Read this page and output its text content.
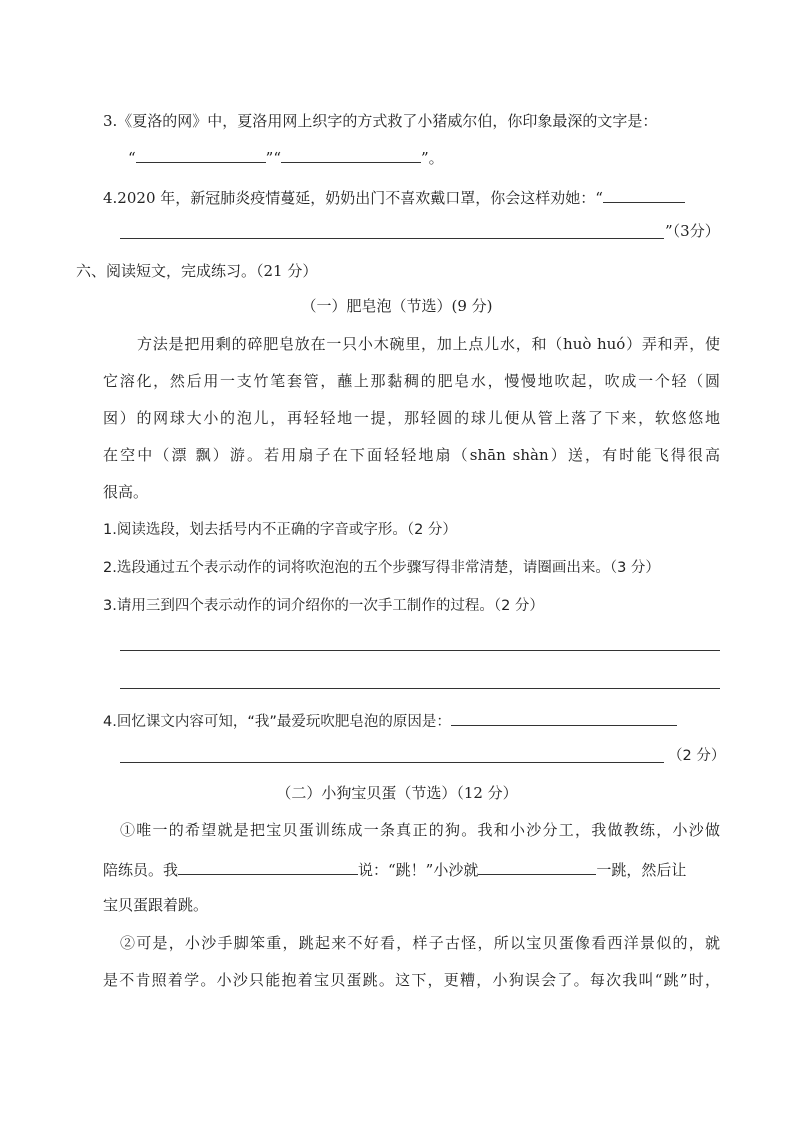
3.《夏洛的网》中，夏洛用网上织字的方式救了小猪威尔伯，你印象最深的文字是：
“	”“	”。
4.2020 年，新冠肺炎疫情蔓延，奶奶出门不喜欢戴口罩，你会这样劝她：“
”（3分）
六、阅读短文，完成练习。（21 分）
（一）肥皂泡（节选）(9 分)
方法是把用剩的碎肥皂放在一只小木碗里，加上点儿水，和（huò huó）弄和弄，使
它溶化，然后用一支竹笔套管，蘸上那黏稠的肥皂水，慢慢地吹起，吹成一个轻（圆
囡）的网球大小的泡儿，再轻轻地一提，那轻圆的球儿便从管上落了下来，软悠悠地
在空中（漂 飘）游。若用扇子在下面轻轻地扇（shān shàn）送，有时能飞得很高
很高。
1.阅读选段，划去括号内不正确的字音或字形。（2 分）
2.选段通过五个表示动作的词将吹泡泡的五个步骤写得非常清楚，请圈画出来。（3 分）
3.请用三到四个表示动作的词介绍你的一次手工制作的过程。（2 分）
4.回忆课文内容可知，“我”最爱玩吹肥皂泡的原因是：
（2 分）
（二）小狗宝贝蛋（节选）（12 分）
①唯一的希望就是把宝贝蛋训练成一条真正的狗。我和小沙分工，我做教练，小沙做
陪练员。我	说：“跳！”小沙就	一跳，然后让
宝贝蛋跟着跳。
②可是，小沙手脚笨重，跳起来不好看，样子古怪，所以宝贝蛋像看西洋景似的，就
是不肯照着学。小沙只能抱着宝贝蛋跳。这下，更糟，小狗误会了。每次我叫“跳”时，
